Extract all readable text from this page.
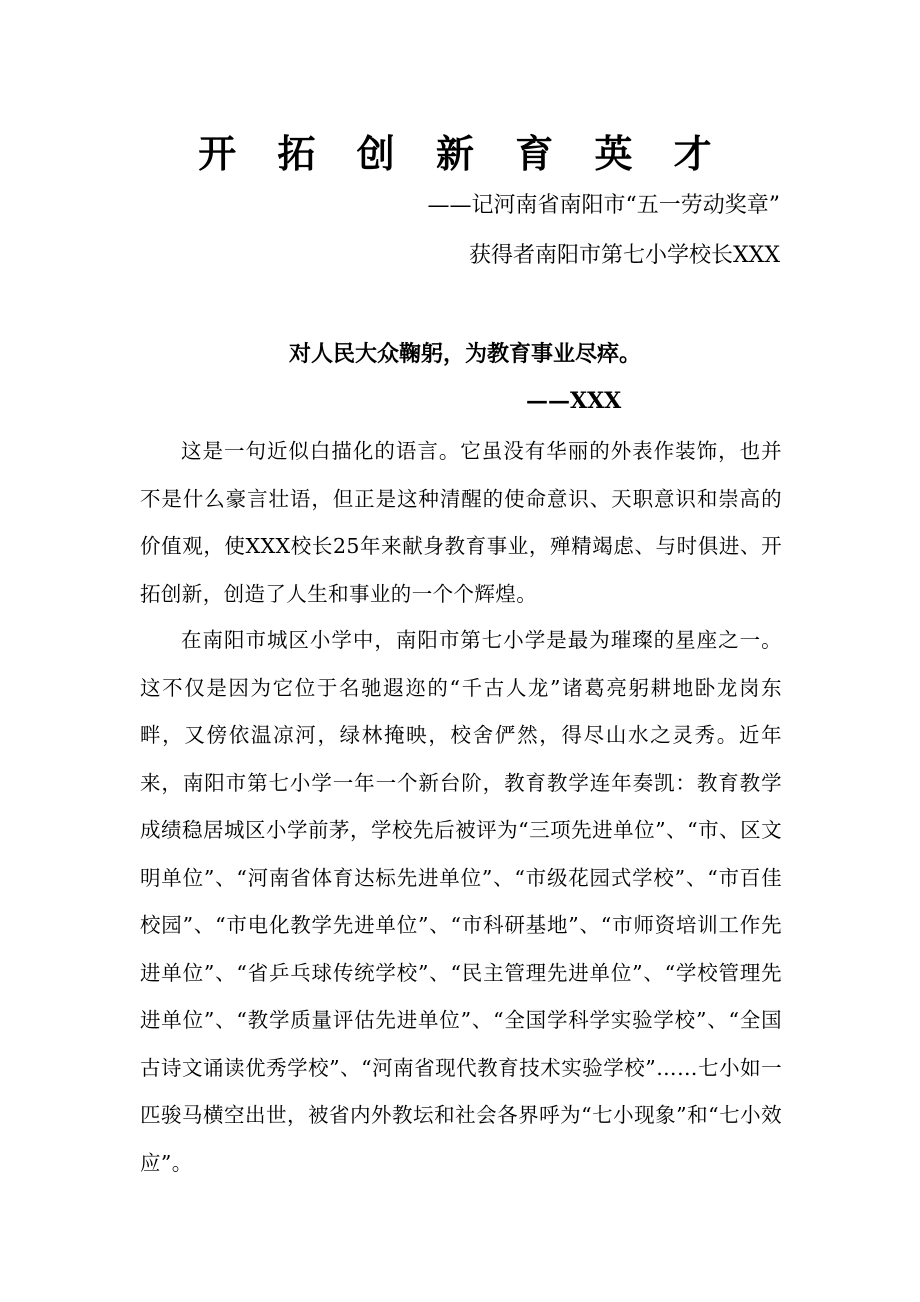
开 拓 创 新 育 英 才
——记河南省南阳市“五一劳动奖章”
获得者南阳市第七小学校长XXX
对人民大众鞠躬，为教育事业尽瘁。
——XXX

这是一句近似白描化的语言。它虽没有华丽的外表作装饰，也并不是什么豪言壮语，但正是这种清醒的使命意识、天职意识和崇高的价值观，使XXX校长25年来献身教育事业，殚精竭虑、与时俱进、开拓创新，创造了人生和事业的一个个辉煌。

在南阳市城区小学中，南阳市第七小学是最为璀璨的星座之一。这不仅是因为它位于名驰遐迩的“千古人龙”诸葛亮躬耕地卧龙岗东畔，又傍依温凉河，绿林掩映，校舍俨然，得尽山水之灵秀。近年来，南阳市第七小学一年一个新台阶，教育教学连年奏凯：教育教学成绩稳居城区小学前茅，学校先后被评为“三项先进单位”、“市、区文明单位”、“河南省体育达标先进单位”、“市级花园式学校”、“市百佳校园”、“市电化教学先进单位”、“市科研基地”、“市师资培训工作先进单位”、“省乒乓球传统学校”、“民主管理先进单位”、“学校管理先进单位”、“教学质量评估先进单位”、“全国学科学实验学校”、“全国古诗文诵读优秀学校”、“河南省现代教育技术实验学校”……七小如一匹骏马横空出世，被省内外教坛和社会各界呼为“七小现象”和“七小效应”。
